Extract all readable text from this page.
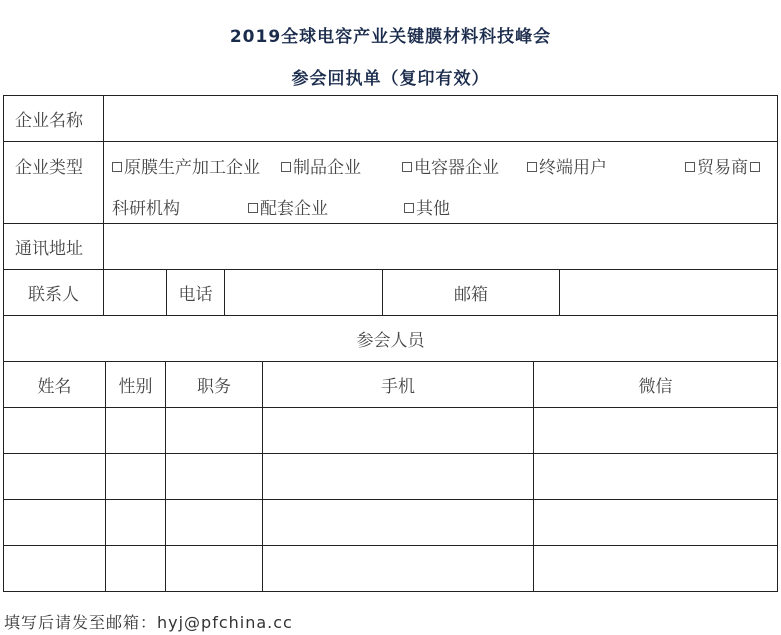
2019全球电容产业关键膜材料科技峰会
参会回执单（复印有效）
企业名称
企业类型	原膜生产加工企业	制品企业	电容器企业	终端用户	贸易商
科研机构	配套企业	其他
通讯地址
联系人	电话	邮箱
参会人员
姓名	性别	职务	手机	微信
填写后请发至邮箱：hyj@pfchina.cc
